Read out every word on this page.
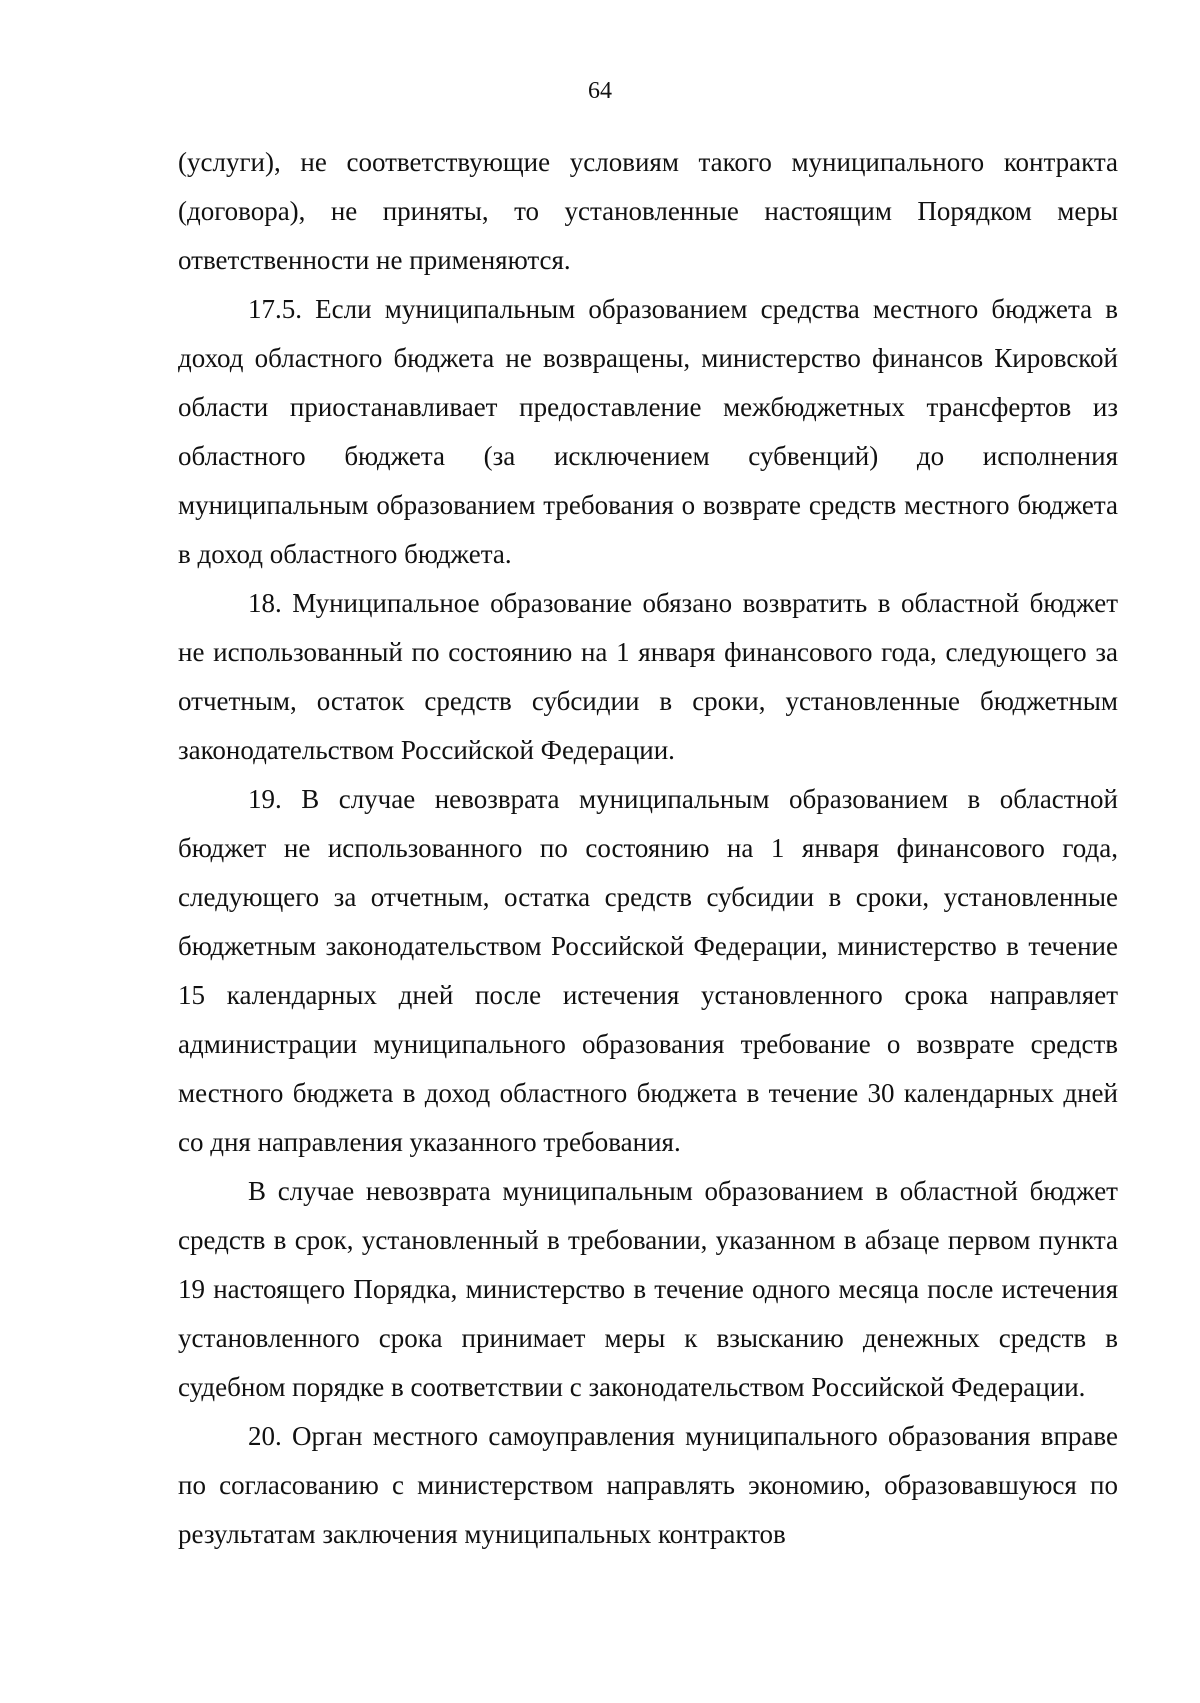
64

(услуги), не соответствующие условиям такого муниципального контракта (договора), не приняты, то установленные настоящим Порядком меры ответственности не применяются.

17.5. Если муниципальным образованием средства местного бюджета в доход областного бюджета не возвращены, министерство финансов Кировской области приостанавливает предоставление межбюджетных трансфертов из областного бюджета (за исключением субвенций) до исполнения муниципальным образованием требования о возврате средств местного бюджета в доход областного бюджета.

18. Муниципальное образование обязано возвратить в областной бюджет не использованный по состоянию на 1 января финансового года, следующего за отчетным, остаток средств субсидии в сроки, установленные бюджетным законодательством Российской Федерации.

19. В случае невозврата муниципальным образованием в областной бюджет не использованного по состоянию на 1 января финансового года, следующего за отчетным, остатка средств субсидии в сроки, установленные бюджетным законодательством Российской Федерации, министерство в течение 15 календарных дней после истечения установленного срока направляет администрации муниципального образования требование о возврате средств местного бюджета в доход областного бюджета в течение 30 календарных дней со дня направления указанного требования.

В случае невозврата муниципальным образованием в областной бюджет средств в срок, установленный в требовании, указанном в абзаце первом пункта 19 настоящего Порядка, министерство в течение одного месяца после истечения установленного срока принимает меры к взысканию денежных средств в судебном порядке в соответствии с законодательством Российской Федерации.

20. Орган местного самоуправления муниципального образования вправе по согласованию с министерством направлять экономию, образовавшуюся по результатам заключения муниципальных контрактов
